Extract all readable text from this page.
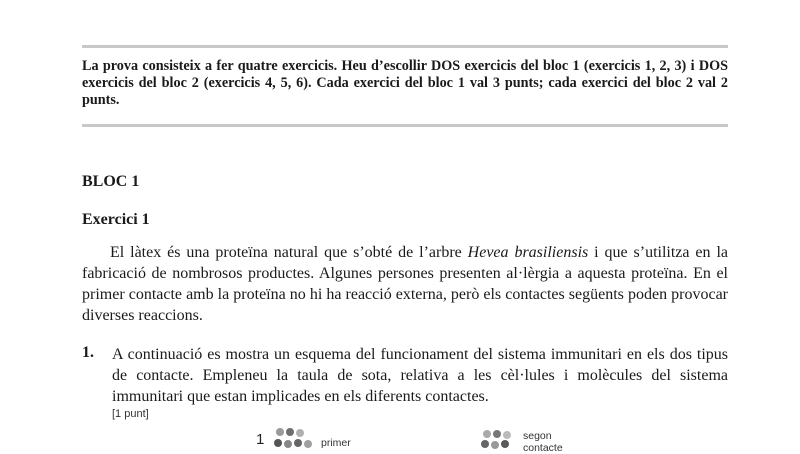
La prova consisteix a fer quatre exercicis. Heu d’escollir DOS exercicis del bloc 1 (exercicis 1, 2, 3) i DOS exercicis del bloc 2 (exercicis 4, 5, 6). Cada exercici del bloc 1 val 3 punts; cada exercici del bloc 2 val 2 punts.
BLOC 1
Exercici 1

El làtex és una proteïna natural que s’obté de l’arbre Hevea brasiliensis i que s’utilitza en la fabricació de nombrosos productes. Algunes persones presenten al·lèrgia a aquesta proteïna. En el primer contacte amb la proteïna no hi ha reacció externa, però els contactes següents poden provocar diverses reaccions.

1. A continuació es mostra un esquema del funcionament del sistema immunitari en els dos tipus de contacte. Empleneu la taula de sota, relativa a les cèl·lules i molècules del sistema immunitari que estan implicades en els diferents contactes.
[1 punt]
1	primer
segon
contacte
